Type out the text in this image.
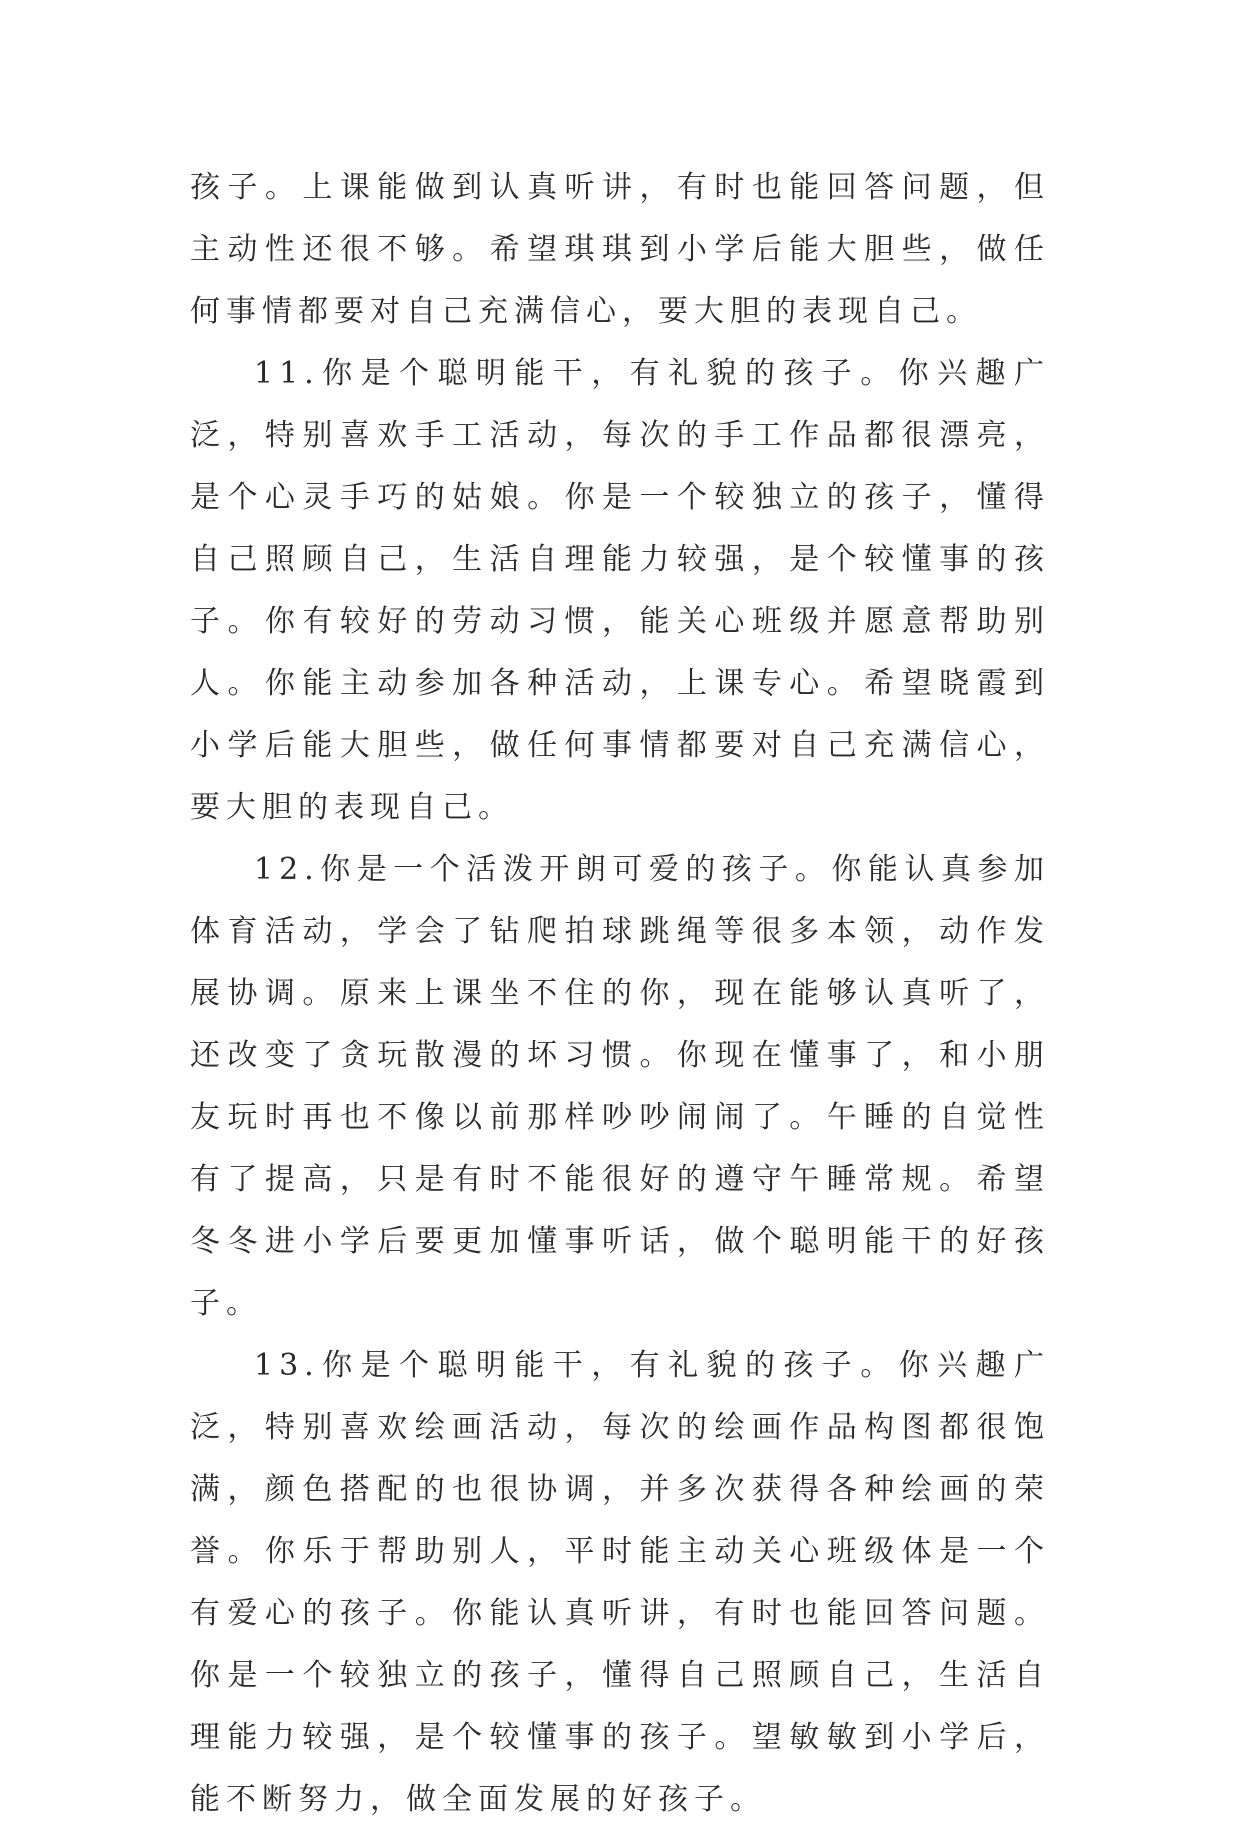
孩子。上课能做到认真听讲，有时也能回答问题，但主动性还很不够。希望琪琪到小学后能大胆些，做任何事情都要对自己充满信心，要大胆的表现自己。

11.你是个聪明能干，有礼貌的孩子。你兴趣广泛，特别喜欢手工活动，每次的手工作品都很漂亮，是个心灵手巧的姑娘。你是一个较独立的孩子，懂得自己照顾自己，生活自理能力较强，是个较懂事的孩子。你有较好的劳动习惯，能关心班级并愿意帮助别人。你能主动参加各种活动，上课专心。希望晓霞到小学后能大胆些，做任何事情都要对自己充满信心，要大胆的表现自己。

12.你是一个活泼开朗可爱的孩子。你能认真参加体育活动，学会了钻爬拍球跳绳等很多本领，动作发展协调。原来上课坐不住的你，现在能够认真听了，还改变了贪玩散漫的坏习惯。你现在懂事了，和小朋友玩时再也不像以前那样吵吵闹闹了。午睡的自觉性有了提高，只是有时不能很好的遵守午睡常规。希望冬冬进小学后要更加懂事听话，做个聪明能干的好孩子。

13.你是个聪明能干，有礼貌的孩子。你兴趣广泛，特别喜欢绘画活动，每次的绘画作品构图都很饱满，颜色搭配的也很协调，并多次获得各种绘画的荣誉。你乐于帮助别人，平时能主动关心班级体是一个有爱心的孩子。你能认真听讲，有时也能回答问题。你是一个较独立的孩子，懂得自己照顾自己，生活自理能力较强，是个较懂事的孩子。望敏敏到小学后，能不断努力，做全面发展的好孩子。
